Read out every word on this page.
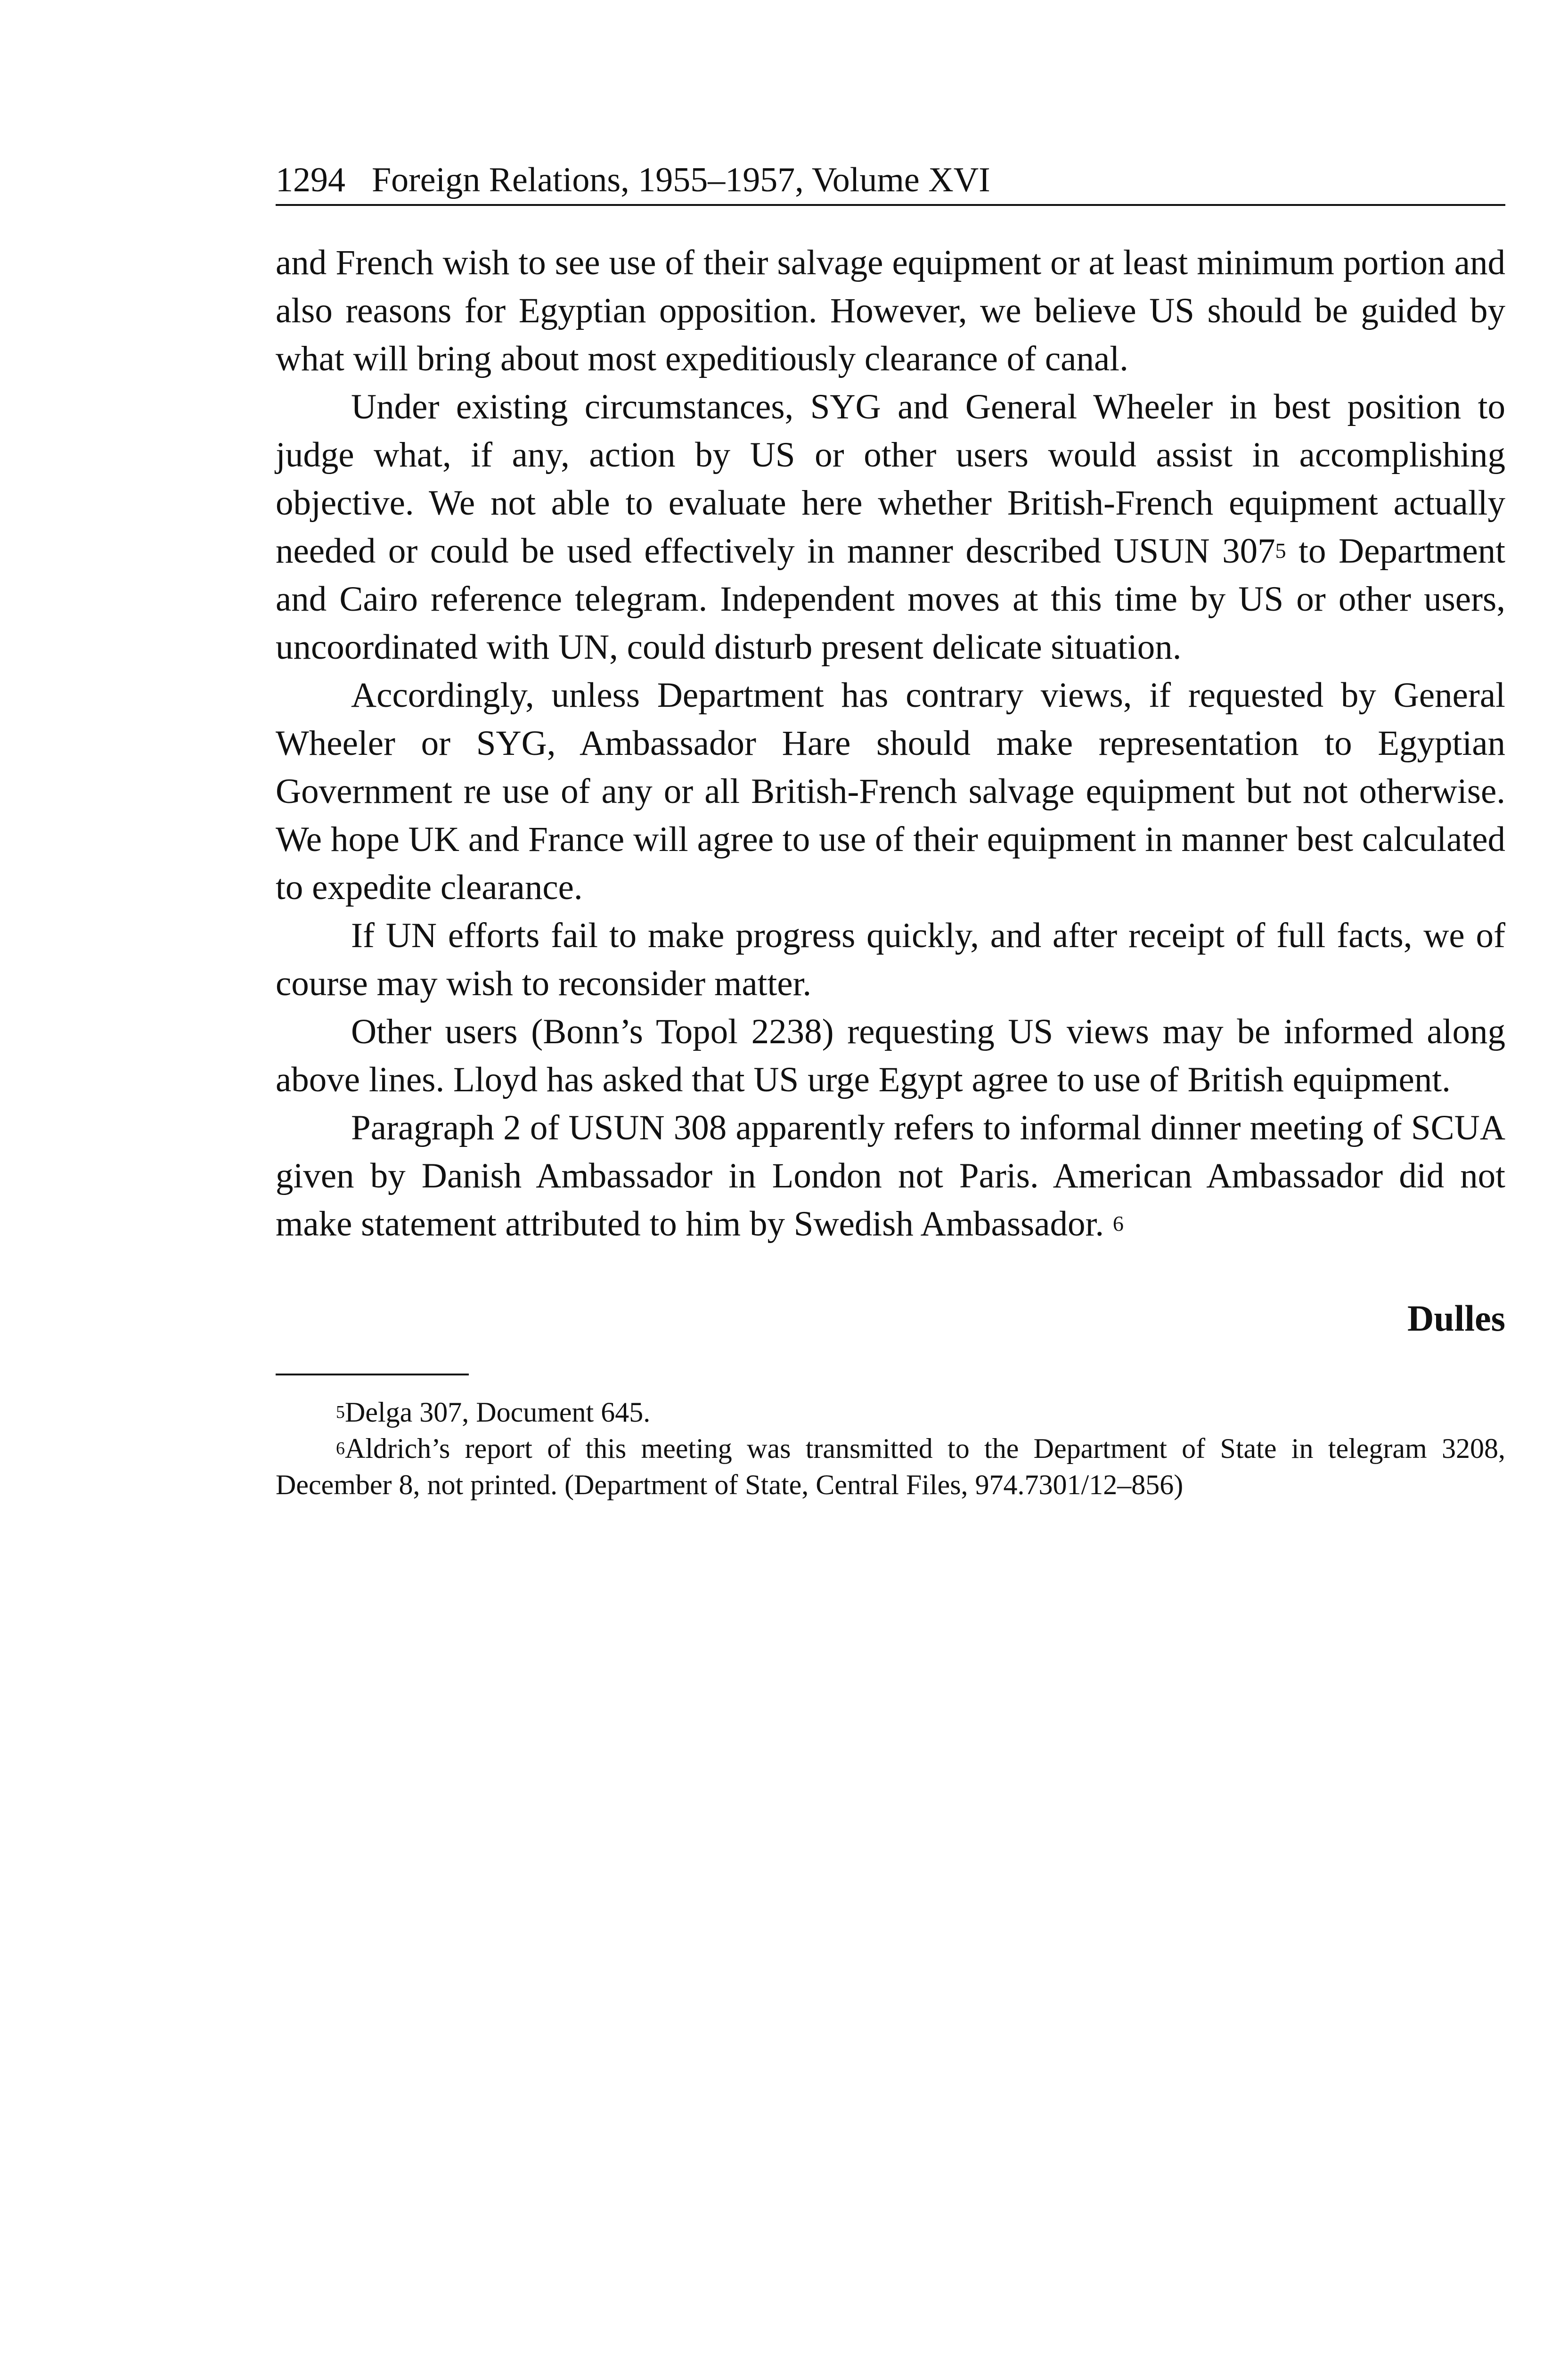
1294 Foreign Relations, 1955–1957, Volume XVI

and French wish to see use of their salvage equipment or at least minimum portion and also reasons for Egyptian opposition. However, we believe US should be guided by what will bring about most expeditiously clearance of canal.

Under existing circumstances, SYG and General Wheeler in best position to judge what, if any, action by US or other users would assist in accomplishing objective. We not able to evaluate here whether British-French equipment actually needed or could be used effectively in manner described USUN $307^5$ to Department and Cairo reference telegram. Independent moves at this time by US or other users, uncoordinated with UN, could disturb present delicate situation.

Accordingly, unless Department has contrary views, if requested by General Wheeler or SYG, Ambassador Hare should make representation to Egyptian Government re use of any or all British-French salvage equipment but not otherwise. We hope UK and France will agree to use of their equipment in manner best calculated to expedite clearance.

If UN efforts fail to make progress quickly, and after receipt of full facts, we of course may wish to reconsider matter.

Other users (Bonn’s Topol 2238) requesting US views may be informed along above lines. Lloyd has asked that US urge Egypt agree to use of British equipment.

Paragraph 2 of USUN 308 apparently refers to informal dinner meeting of SCUA given by Danish Ambassador in London not Paris. American Ambassador did not make statement attributed to him by Swedish Ambassador. $^6$

Dulles

$^5$Delga 307, Document 645.

$^6$Aldrich’s report of this meeting was transmitted to the Department of State in telegram 3208, December 8, not printed. (Department of State, Central Files, 974.7301/12–856)
